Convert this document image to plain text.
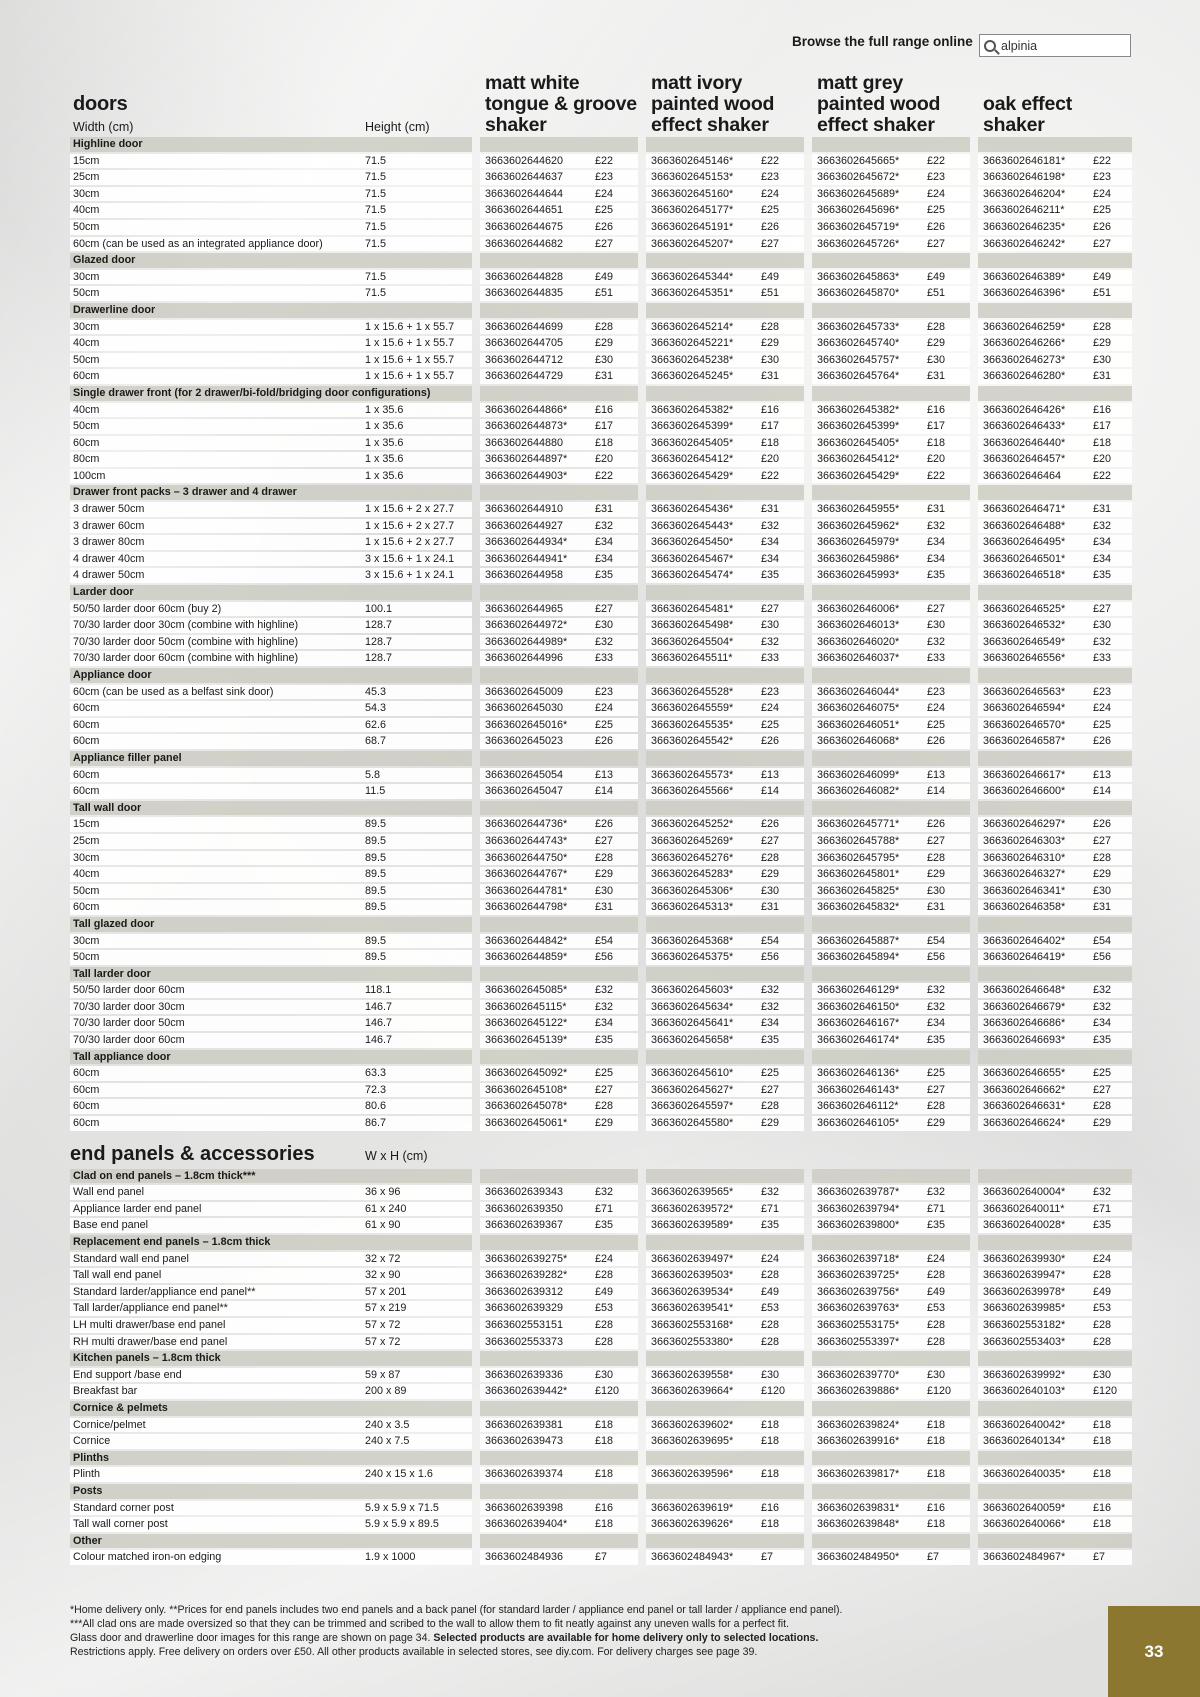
Browse the full range online alpinia
matt white
tongue & groove
shaker
matt ivory
painted wood
effect shaker
matt grey
painted wood
effect shaker
oak effect
shaker
doors
Width (cm)	Height (cm)
Highline door
15cm	71.5	3663602644620	£22	3663602645146*	£22	3663602645665*	£22	3663602646181*	£22
25cm	71.5	3663602644637	£23	3663602645153*	£23	3663602645672*	£23	3663602646198*	£23
30cm	71.5	3663602644644	£24	3663602645160*	£24	3663602645689*	£24	3663602646204*	£24
40cm	71.5	3663602644651	£25	3663602645177*	£25	3663602645696*	£25	3663602646211*	£25
50cm	71.5	3663602644675	£26	3663602645191*	£26	3663602645719*	£26	3663602646235*	£26
60cm (can be used as an integrated appliance door)	71.5	3663602644682	£27	3663602645207*	£27	3663602645726*	£27	3663602646242*	£27
Glazed door
30cm	71.5	3663602644828	£49	3663602645344*	£49	3663602645863*	£49	3663602646389*	£49
50cm	71.5	3663602644835	£51	3663602645351*	£51	3663602645870*	£51	3663602646396*	£51
Drawerline door
30cm	1 x 15.6 + 1 x 55.7	3663602644699	£28	3663602645214*	£28	3663602645733*	£28	3663602646259*	£28
40cm	1 x 15.6 + 1 x 55.7	3663602644705	£29	3663602645221*	£29	3663602645740*	£29	3663602646266*	£29
50cm	1 x 15.6 + 1 x 55.7	3663602644712	£30	3663602645238*	£30	3663602645757*	£30	3663602646273*	£30
60cm	1 x 15.6 + 1 x 55.7	3663602644729	£31	3663602645245*	£31	3663602645764*	£31	3663602646280*	£31
Single drawer front (for 2 drawer/bi-fold/bridging door configurations)
40cm	1 x 35.6	3663602644866*	£16	3663602645382*	£16	3663602645382*	£16	3663602646426*	£16
50cm	1 x 35.6	3663602644873*	£17	3663602645399*	£17	3663602645399*	£17	3663602646433*	£17
60cm	1 x 35.6	3663602644880	£18	3663602645405*	£18	3663602645405*	£18	3663602646440*	£18
80cm	1 x 35.6	3663602644897*	£20	3663602645412*	£20	3663602645412*	£20	3663602646457*	£20
100cm	1 x 35.6	3663602644903*	£22	3663602645429*	£22	3663602645429*	£22	3663602646464	£22
Drawer front packs – 3 drawer and 4 drawer
3 drawer 50cm	1 x 15.6 + 2 x 27.7	3663602644910	£31	3663602645436*	£31	3663602645955*	£31	3663602646471*	£31
3 drawer 60cm	1 x 15.6 + 2 x 27.7	3663602644927	£32	3663602645443*	£32	3663602645962*	£32	3663602646488*	£32
3 drawer 80cm	1 x 15.6 + 2 x 27.7	3663602644934*	£34	3663602645450*	£34	3663602645979*	£34	3663602646495*	£34
4 drawer 40cm	3 x 15.6 + 1 x 24.1	3663602644941*	£34	3663602645467*	£34	3663602645986*	£34	3663602646501*	£34
4 drawer 50cm	3 x 15.6 + 1 x 24.1	3663602644958	£35	3663602645474*	£35	3663602645993*	£35	3663602646518*	£35
Larder door
50/50 larder door 60cm (buy 2)	100.1	3663602644965	£27	3663602645481*	£27	3663602646006*	£27	3663602646525*	£27
70/30 larder door 30cm (combine with highline)	128.7	3663602644972*	£30	3663602645498*	£30	3663602646013*	£30	3663602646532*	£30
70/30 larder door 50cm (combine with highline)	128.7	3663602644989*	£32	3663602645504*	£32	3663602646020*	£32	3663602646549*	£32
70/30 larder door 60cm (combine with highline)	128.7	3663602644996	£33	3663602645511*	£33	3663602646037*	£33	3663602646556*	£33
Appliance door
60cm (can be used as a belfast sink door)	45.3	3663602645009	£23	3663602645528*	£23	3663602646044*	£23	3663602646563*	£23
60cm	54.3	3663602645030	£24	3663602645559*	£24	3663602646075*	£24	3663602646594*	£24
60cm	62.6	3663602645016*	£25	3663602645535*	£25	3663602646051*	£25	3663602646570*	£25
60cm	68.7	3663602645023	£26	3663602645542*	£26	3663602646068*	£26	3663602646587*	£26
Appliance filler panel
60cm	5.8	3663602645054	£13	3663602645573*	£13	3663602646099*	£13	3663602646617*	£13
60cm	11.5	3663602645047	£14	3663602645566*	£14	3663602646082*	£14	3663602646600*	£14
Tall wall door
15cm	89.5	3663602644736*	£26	3663602645252*	£26	3663602645771*	£26	3663602646297*	£26
25cm	89.5	3663602644743*	£27	3663602645269*	£27	3663602645788*	£27	3663602646303*	£27
30cm	89.5	3663602644750*	£28	3663602645276*	£28	3663602645795*	£28	3663602646310*	£28
40cm	89.5	3663602644767*	£29	3663602645283*	£29	3663602645801*	£29	3663602646327*	£29
50cm	89.5	3663602644781*	£30	3663602645306*	£30	3663602645825*	£30	3663602646341*	£30
60cm	89.5	3663602644798*	£31	3663602645313*	£31	3663602645832*	£31	3663602646358*	£31
Tall glazed door
30cm	89.5	3663602644842*	£54	3663602645368*	£54	3663602645887*	£54	3663602646402*	£54
50cm	89.5	3663602644859*	£56	3663602645375*	£56	3663602645894*	£56	3663602646419*	£56
Tall larder door
50/50 larder door 60cm	118.1	3663602645085*	£32	3663602645603*	£32	3663602646129*	£32	3663602646648*	£32
70/30 larder door 30cm	146.7	3663602645115*	£32	3663602645634*	£32	3663602646150*	£32	3663602646679*	£32
70/30 larder door 50cm	146.7	3663602645122*	£34	3663602645641*	£34	3663602646167*	£34	3663602646686*	£34
70/30 larder door 60cm	146.7	3663602645139*	£35	3663602645658*	£35	3663602646174*	£35	3663602646693*	£35
Tall appliance door
60cm	63.3	3663602645092*	£25	3663602645610*	£25	3663602646136*	£25	3663602646655*	£25
60cm	72.3	3663602645108*	£27	3663602645627*	£27	3663602646143*	£27	3663602646662*	£27
60cm	80.6	3663602645078*	£28	3663602645597*	£28	3663602646112*	£28	3663602646631*	£28
60cm	86.7	3663602645061*	£29	3663602645580*	£29	3663602646105*	£29	3663602646624*	£29
end panels & accessories	W x H (cm)
Clad on end panels – 1.8cm thick***
Wall end panel	36 x 96	3663602639343	£32	3663602639565*	£32	3663602639787*	£32	3663602640004*	£32
Appliance larder end panel	61 x 240	3663602639350	£71	3663602639572*	£71	3663602639794*	£71	3663602640011*	£71
Base end panel	61 x 90	3663602639367	£35	3663602639589*	£35	3663602639800*	£35	3663602640028*	£35
Replacement end panels – 1.8cm thick
Standard wall end panel	32 x 72	3663602639275*	£24	3663602639497*	£24	3663602639718*	£24	3663602639930*	£24
Tall wall end panel	32 x 90	3663602639282*	£28	3663602639503*	£28	3663602639725*	£28	3663602639947*	£28
Standard larder/appliance end panel**	57 x 201	3663602639312	£49	3663602639534*	£49	3663602639756*	£49	3663602639978*	£49
Tall larder/appliance end panel**	57 x 219	3663602639329	£53	3663602639541*	£53	3663602639763*	£53	3663602639985*	£53
LH multi drawer/base end panel	57 x 72	3663602553151	£28	3663602553168*	£28	3663602553175*	£28	3663602553182*	£28
RH multi drawer/base end panel	57 x 72	3663602553373	£28	3663602553380*	£28	3663602553397*	£28	3663602553403*	£28
Kitchen panels – 1.8cm thick
End support /base end	59 x 87	3663602639336	£30	3663602639558*	£30	3663602639770*	£30	3663602639992*	£30
Breakfast bar	200 x 89	3663602639442*	£120	3663602639664*	£120	3663602639886*	£120	3663602640103*	£120
Cornice & pelmets
Cornice/pelmet	240 x 3.5	3663602639381	£18	3663602639602*	£18	3663602639824*	£18	3663602640042*	£18
Cornice	240 x 7.5	3663602639473	£18	3663602639695*	£18	3663602639916*	£18	3663602640134*	£18
Plinths
Plinth	240 x 15 x 1.6	3663602639374	£18	3663602639596*	£18	3663602639817*	£18	3663602640035*	£18
Posts
Standard corner post	5.9 x 5.9 x 71.5	3663602639398	£16	3663602639619*	£16	3663602639831*	£16	3663602640059*	£16
Tall wall corner post	5.9 x 5.9 x 89.5	3663602639404*	£18	3663602639626*	£18	3663602639848*	£18	3663602640066*	£18
Other
Colour matched iron-on edging	1.9 x 1000	3663602484936	£7	3663602484943*	£7	3663602484950*	£7	3663602484967*	£7
*Home delivery only. **Prices for end panels includes two end panels and a back panel (for standard larder / appliance end panel or tall larder / appliance end panel).
***All clad ons are made oversized so that they can be trimmed and scribed to the wall to allow them to fit neatly against any uneven walls for a perfect fit.
Glass door and drawerline door images for this range are shown on page 34. Selected products are available for home delivery only to selected locations.
Restrictions apply. Free delivery on orders over £50. All other products available in selected stores, see diy.com. For delivery charges see page 39.	33
